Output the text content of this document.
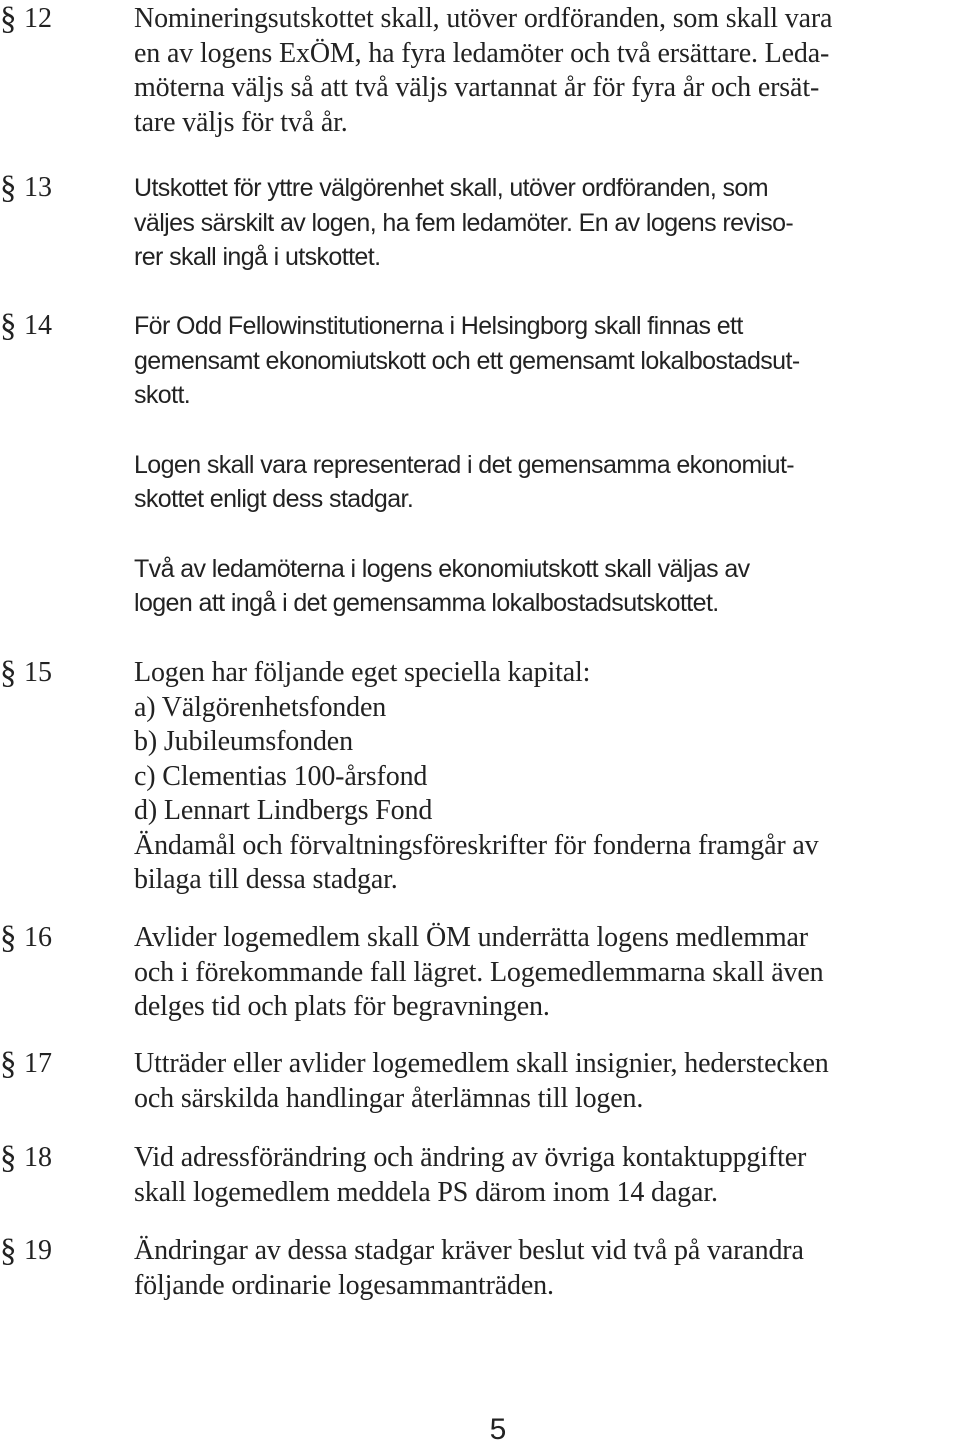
§ 12	Nomineringsutskottet skall, utöver ordföranden, som skall vara
en av logens ExÖM, ha fyra ledamöter och två ersättare. Leda-
möterna väljs så att två väljs vartannat år för fyra år och ersät-
tare väljs för två år.

§ 13	Utskottet för yttre välgörenhet skall, utöver ordföranden, som
väljes särskilt av logen, ha fem ledamöter. En av logens reviso-
rer skall ingå i utskottet.

§ 14	För Odd Fellowinstitutionerna i Helsingborg skall finnas ett
gemensamt ekonomiutskott och ett gemensamt lokalbostadsut-
skott.

Logen skall vara representerad i det gemensamma ekonomiut-
skottet enligt dess stadgar.

Två av ledamöterna i logens ekonomiutskott skall väljas av
logen att ingå i det gemensamma lokalbostadsutskottet.

§ 15	Logen har följande eget speciella kapital:
a) Välgörenhetsfonden
b) Jubileumsfonden
c) Clementias 100-årsfond
d) Lennart Lindbergs Fond
Ändamål och förvaltningsföreskrifter för fonderna framgår av
bilaga till dessa stadgar.

§ 16	Avlider logemedlem skall ÖM underrätta logens medlemmar
och i förekommande fall lägret. Logemedlemmarna skall även
delges tid och plats för begravningen.

§ 17	Utträder eller avlider logemedlem skall insignier, hederstecken
och särskilda handlingar återlämnas till logen.

§ 18	Vid adressförändring och ändring av övriga kontaktuppgifter
skall logemedlem meddela PS därom inom 14 dagar.

§ 19	Ändringar av dessa stadgar kräver beslut vid två på varandra
följande ordinarie logesammanträden.

5
